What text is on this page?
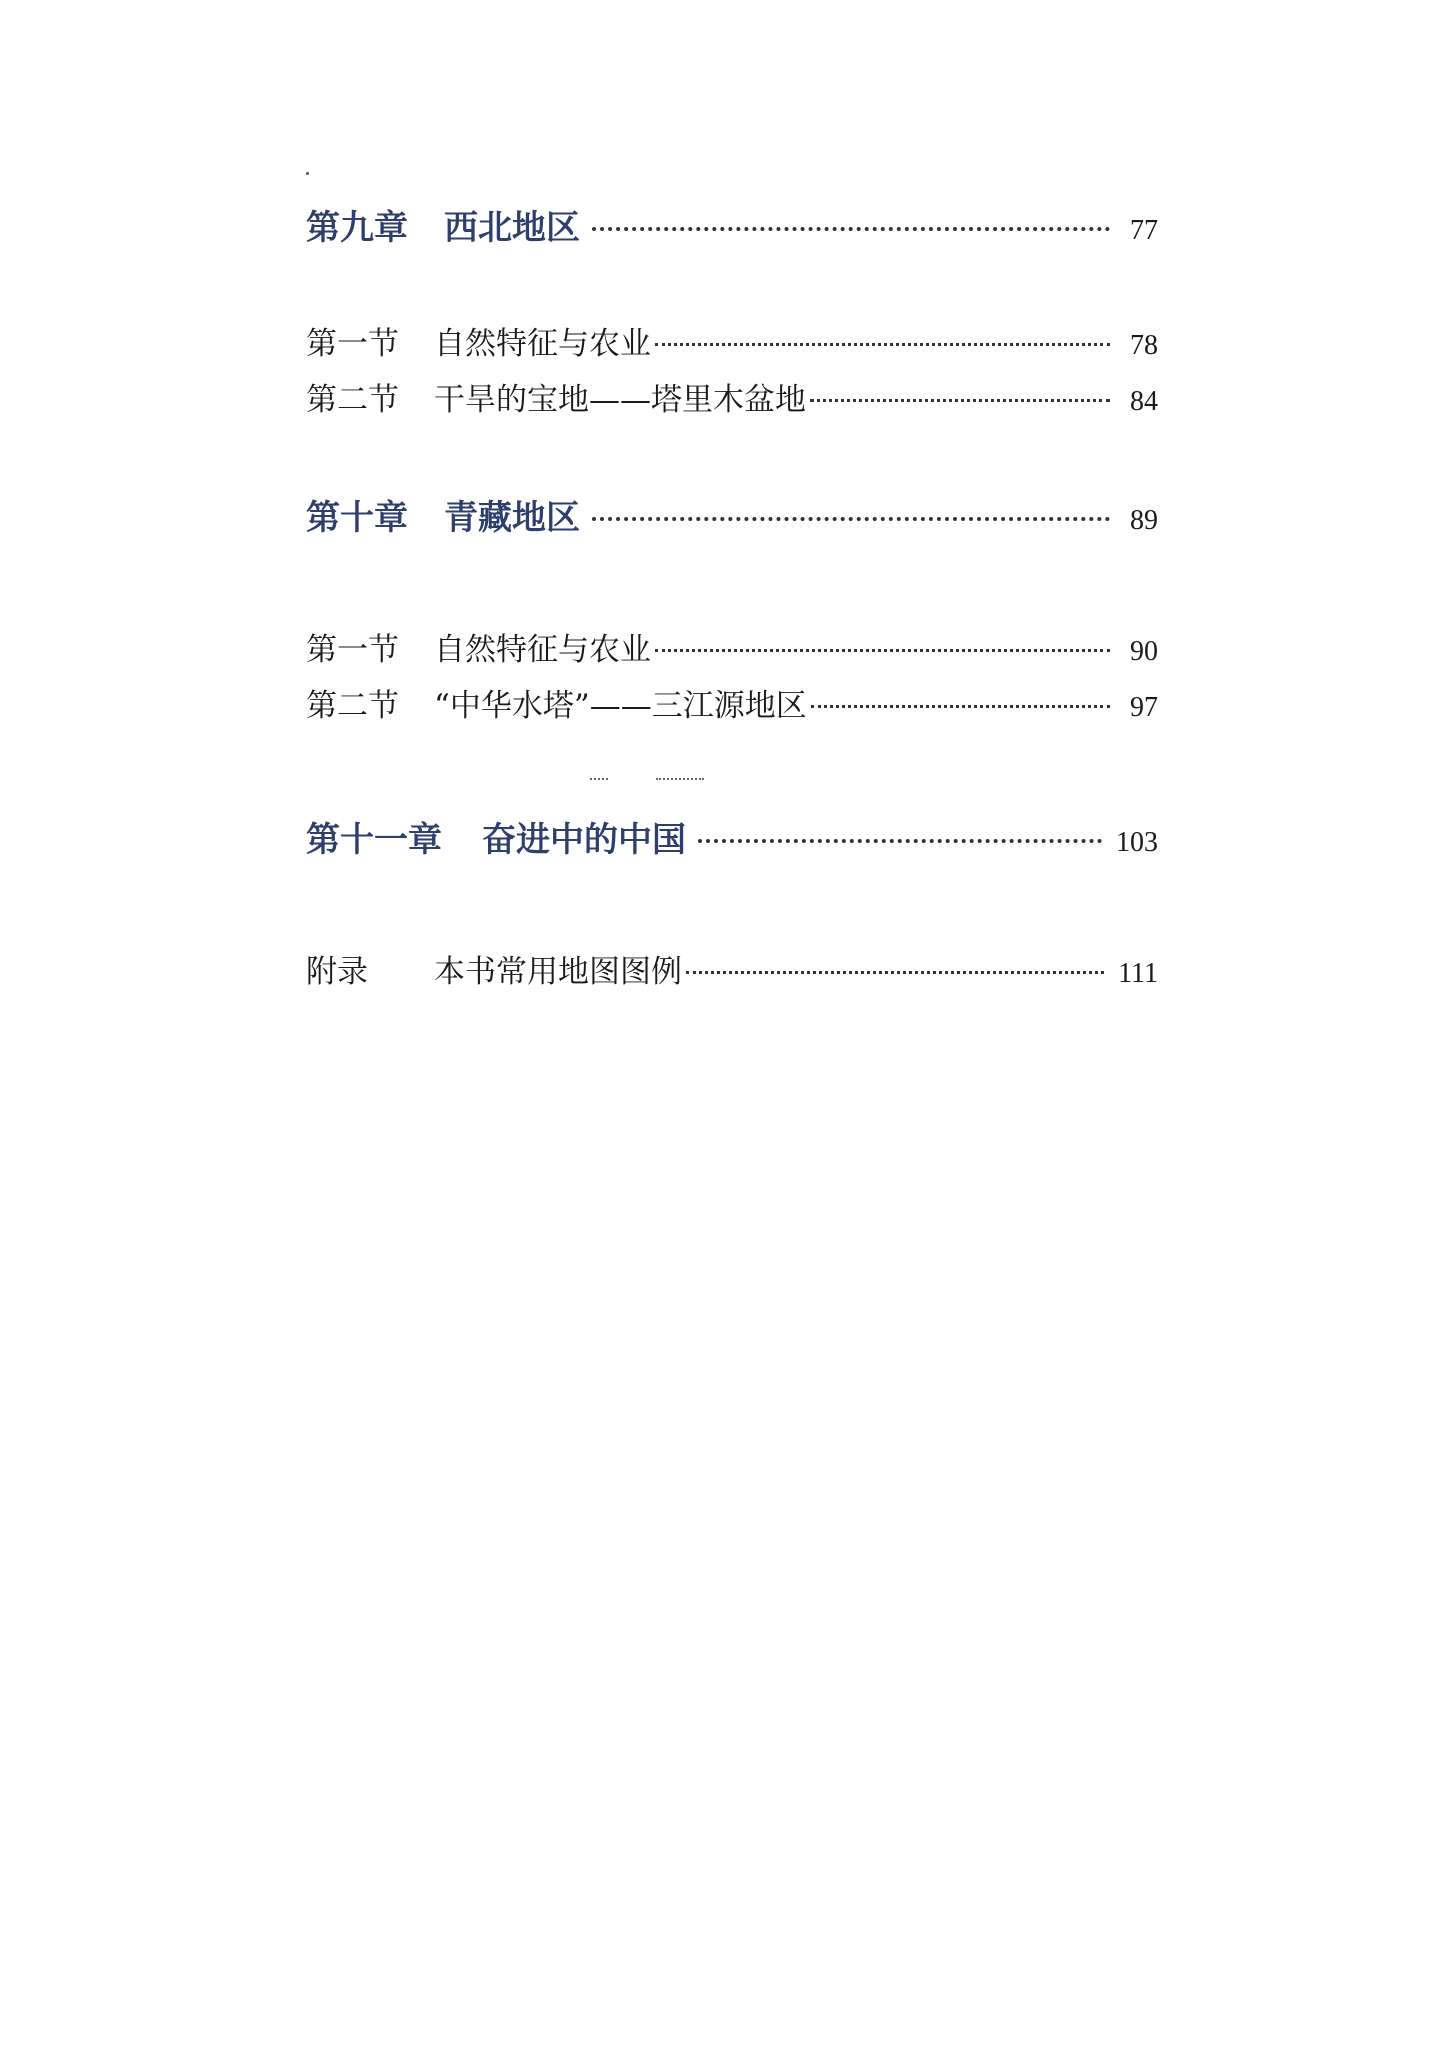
第九章	西北地区	77
第一节	自然特征与农业	78
第二节	干旱的宝地——塔里木盆地	84
第十章	青藏地区	89
第一节	自然特征与农业	90
第二节	“中华水塔”——三江源地区	97
第十一章	奋进中的中国	103
附录	本书常用地图图例	111
